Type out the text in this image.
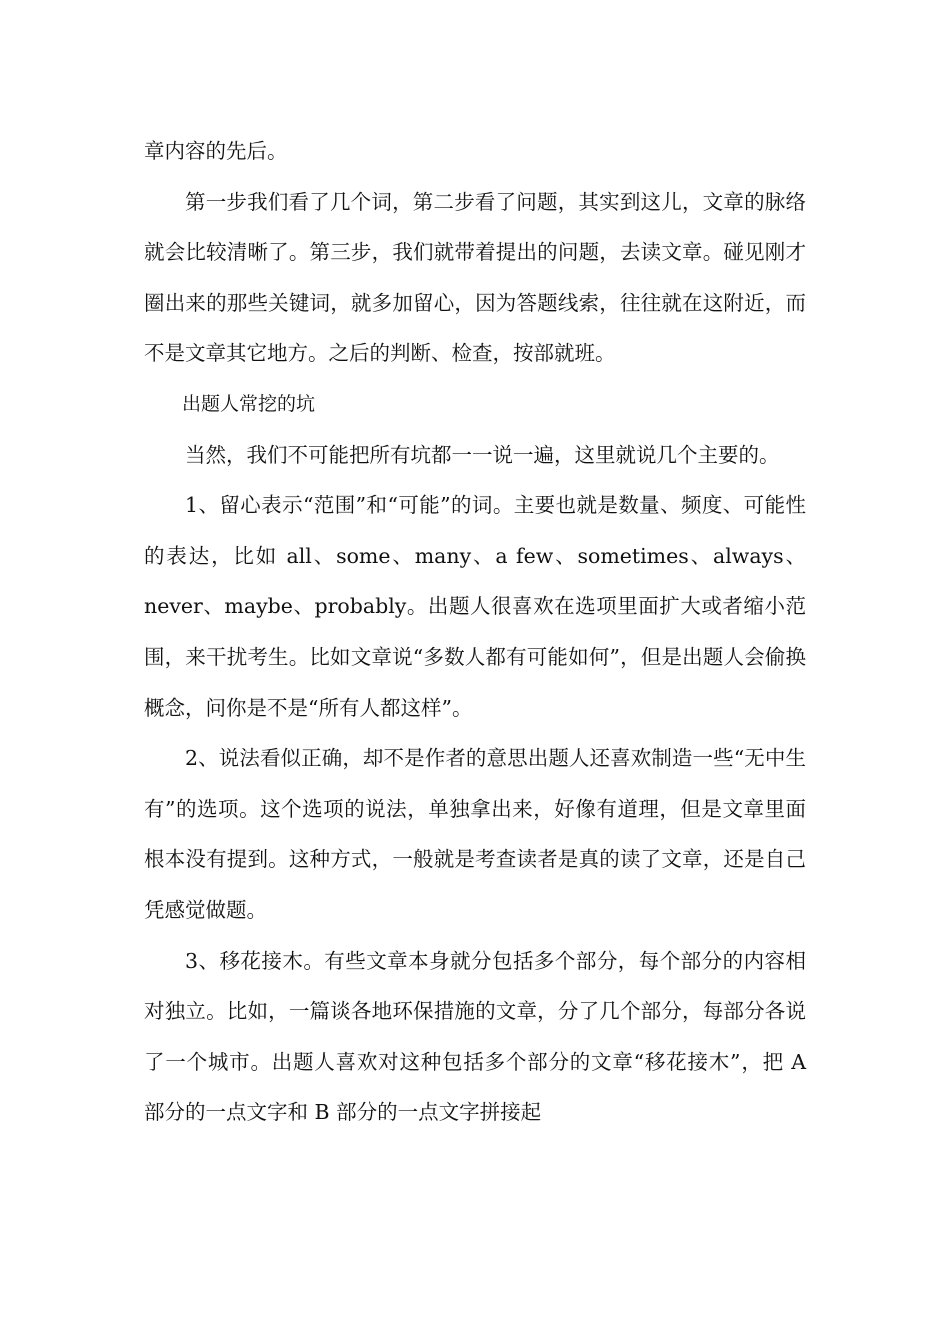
章内容的先后。

第一步我们看了几个词，第二步看了问题，其实到这儿，文章的脉络就会比较清晰了。第三步，我们就带着提出的问题，去读文章。碰见刚才圈出来的那些关键词，就多加留心，因为答题线索，往往就在这附近，而不是文章其它地方。之后的判断、检查，按部就班。

出题人常挖的坑

当然，我们不可能把所有坑都一一说一遍，这里就说几个主要的。

1、留心表示“范围”和“可能”的词。主要也就是数量、频度、可能性的表达，比如 all、some、many、a few、sometimes、always、never、maybe、probably。出题人很喜欢在选项里面扩大或者缩小范围，来干扰考生。比如文章说“多数人都有可能如何”，但是出题人会偷换概念，问你是不是“所有人都这样”。

2、说法看似正确，却不是作者的意思出题人还喜欢制造一些“无中生有”的选项。这个选项的说法，单独拿出来，好像有道理，但是文章里面根本没有提到。这种方式，一般就是考查读者是真的读了文章，还是自己凭感觉做题。

3、移花接木。有些文章本身就分包括多个部分，每个部分的内容相对独立。比如，一篇谈各地环保措施的文章，分了几个部分，每部分各说了一个城市。出题人喜欢对这种包括多个部分的文章“移花接木”，把 A 部分的一点文字和 B 部分的一点文字拼接起
